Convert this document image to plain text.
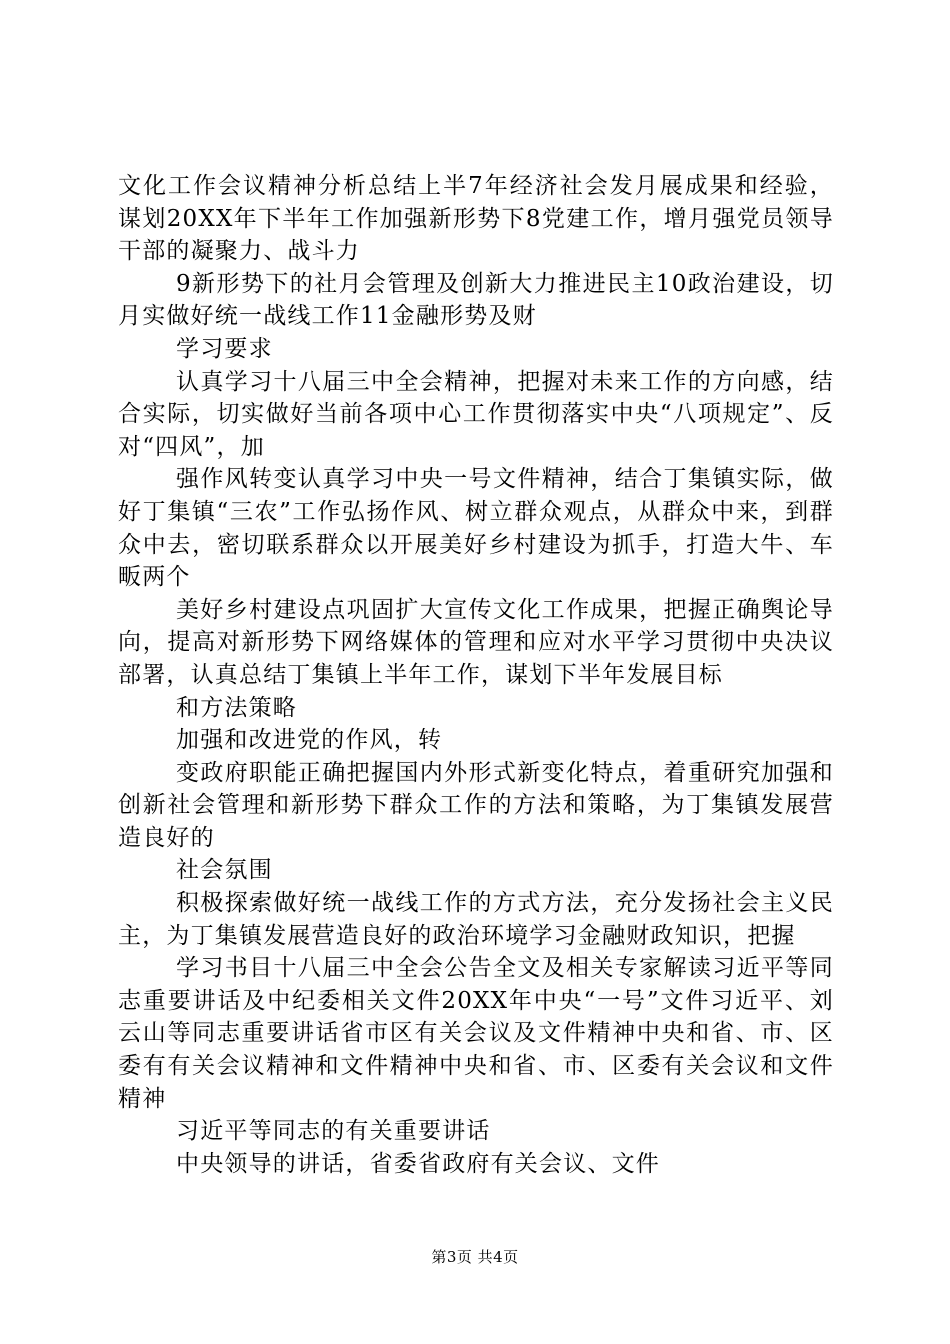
文化工作会议精神分析总结上半7年经济社会发月展成果和经验，谋划20XX年下半年工作加强新形势下8党建工作，增月强党员领导干部的凝聚力、战斗力

9新形势下的社月会管理及创新大力推进民主10政治建设，切月实做好统一战线工作11金融形势及财

学习要求

认真学习十八届三中全会精神，把握对未来工作的方向感，结合实际，切实做好当前各项中心工作贯彻落实中央“八项规定”、反对“四风”，加

强作风转变认真学习中央一号文件精神，结合丁集镇实际，做好丁集镇“三农”工作弘扬作风、树立群众观点，从群众中来，到群众中去，密切联系群众以开展美好乡村建设为抓手，打造大牛、车畈两个

美好乡村建设点巩固扩大宣传文化工作成果，把握正确舆论导向，提高对新形势下网络媒体的管理和应对水平学习贯彻中央决议部署，认真总结丁集镇上半年工作，谋划下半年发展目标

和方法策略

加强和改进党的作风，转

变政府职能正确把握国内外形式新变化特点，着重研究加强和创新社会管理和新形势下群众工作的方法和策略，为丁集镇发展营造良好的

社会氛围

积极探索做好统一战线工作的方式方法，充分发扬社会主义民主，为丁集镇发展营造良好的政治环境学习金融财政知识，把握

学习书目十八届三中全会公告全文及相关专家解读习近平等同志重要讲话及中纪委相关文件20XX年中央“一号”文件习近平、刘云山等同志重要讲话省市区有关会议及文件精神中央和省、市、区委有有关会议精神和文件精神中央和省、市、区委有关会议和文件精神

习近平等同志的有关重要讲话

中央领导的讲话，省委省政府有关会议、文件

第3页 共4页
